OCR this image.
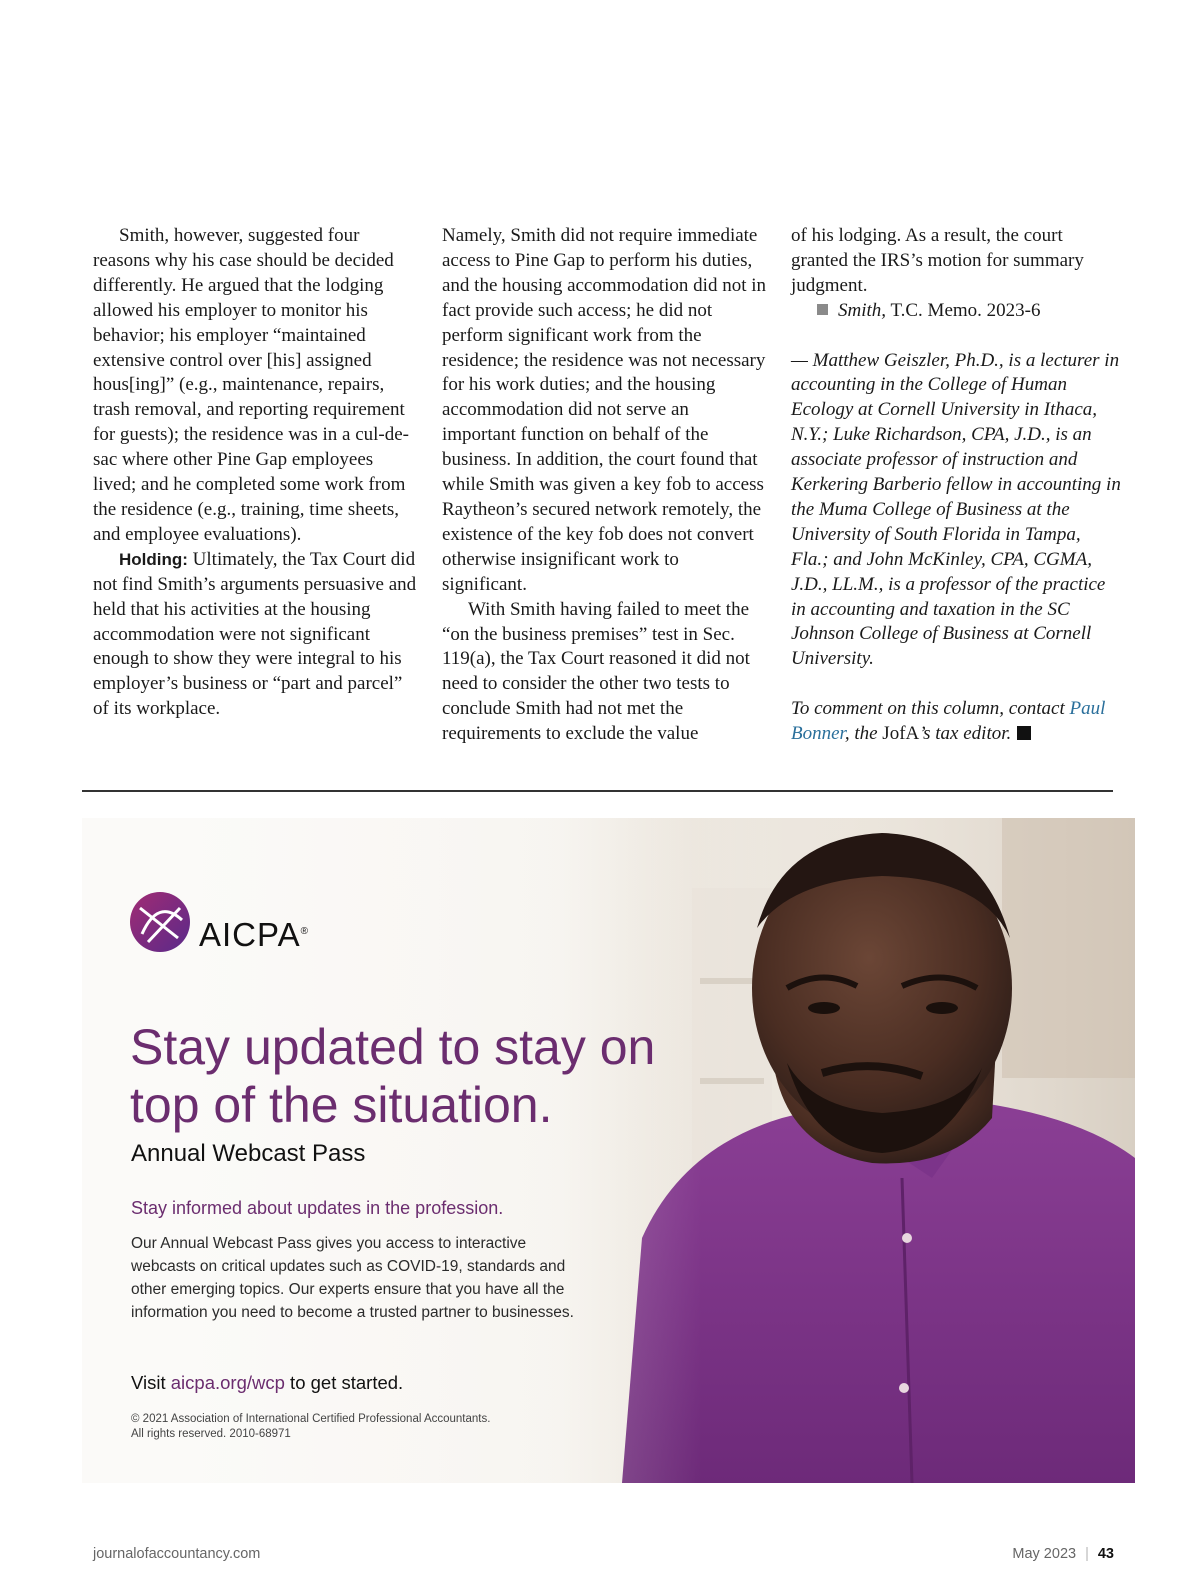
Smith, however, suggested four reasons why his case should be decided differently. He argued that the lodging allowed his employer to monitor his behavior; his employer “maintained extensive control over [his] assigned hous[ing]” (e.g., maintenance, repairs, trash removal, and reporting requirement for guests); the residence was in a cul-de-sac where other Pine Gap employees lived; and he completed some work from the residence (e.g., training, time sheets, and employee evaluations).

Holding: Ultimately, the Tax Court did not find Smith’s arguments persuasive and held that his activities at the housing accommodation were not significant enough to show they were integral to his employer’s business or “part and parcel” of its workplace.

Namely, Smith did not require immediate access to Pine Gap to perform his duties, and the housing accommodation did not in fact provide such access; he did not perform significant work from the residence; the residence was not necessary for his work duties; and the housing accommodation did not serve an important function on behalf of the business. In addition, the court found that while Smith was given a key fob to access Raytheon’s secured network remotely, the existence of the key fob does not convert otherwise insignificant work to significant.

With Smith having failed to meet the “on the business premises” test in Sec. 119(a), the Tax Court reasoned it did not need to consider the other two tests to conclude Smith had not met the requirements to exclude the value

of his lodging. As a result, the court granted the IRS’s motion for summary judgment.

Smith, T.C. Memo. 2023-6

— Matthew Geiszler, Ph.D., is a lecturer in accounting in the College of Human Ecology at Cornell University in Ithaca, N.Y.; Luke Richardson, CPA, J.D., is an associate professor of instruction and Kerkering Barberio fellow in accounting in the Muma College of Business at the University of South Florida in Tampa, Fla.; and John McKinley, CPA, CGMA, J.D., LL.M., is a professor of the practice in accounting and taxation in the SC Johnson College of Business at Cornell University.

To comment on this column, contact Paul Bonner, the JofA’s tax editor.

AICPA®
Stay updated to stay on top of the situation.
Annual Webcast Pass
Stay informed about updates in the profession.
Our Annual Webcast Pass gives you access to interactive webcasts on critical updates such as COVID-19, standards and other emerging topics. Our experts ensure that you have all the information you need to become a trusted partner to businesses.
Visit aicpa.org/wcp to get started.
© 2021 Association of International Certified Professional Accountants.
All rights reserved. 2010-68971
journalofaccountancy.com	May 2023 | 43
